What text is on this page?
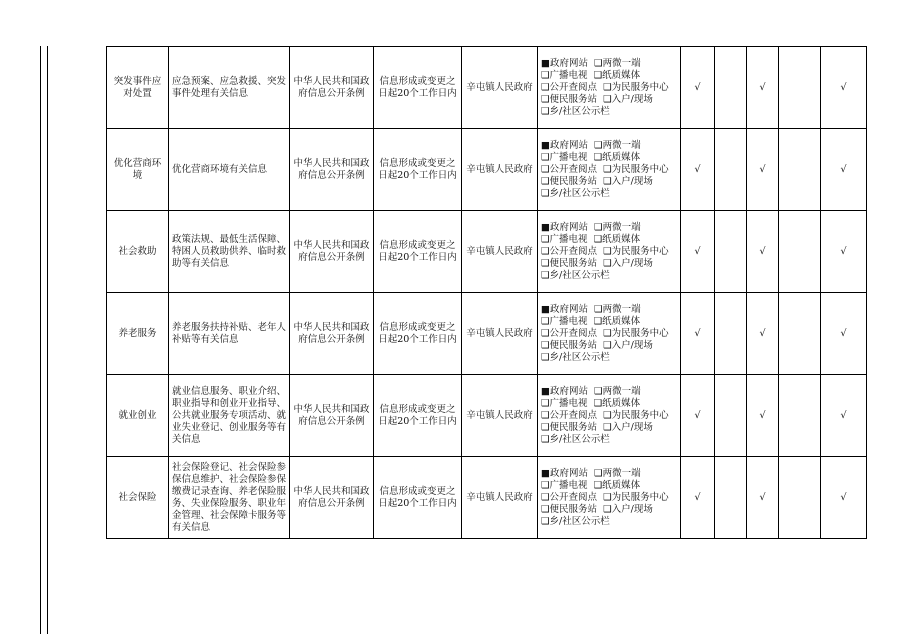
突发事件应对处置	应急预案、应急救援、突发事件处理有关信息	中华人民共和国政府信息公开条例	信息形成或变更之日起20个工作日内	辛屯镇人民政府	■政府网站 ❑两微一端
❑广播电视 ❑纸质媒体
❑公开查阅点 ❑为民服务中心
❑便民服务站 ❑入户/现场
❑乡/社区公示栏	√		√		√
优化营商环境	优化营商环境有关信息	中华人民共和国政府信息公开条例	信息形成或变更之日起20个工作日内	辛屯镇人民政府	■政府网站 ❑两微一端
❑广播电视 ❑纸质媒体
❑公开查阅点 ❑为民服务中心
❑便民服务站 ❑入户/现场
❑乡/社区公示栏	√		√		√
社会救助	政策法规、最低生活保障、特困人员救助供养、临时救助等有关信息	中华人民共和国政府信息公开条例	信息形成或变更之日起20个工作日内	辛屯镇人民政府	■政府网站 ❑两微一端
❑广播电视 ❑纸质媒体
❑公开查阅点 ❑为民服务中心
❑便民服务站 ❑入户/现场
❑乡/社区公示栏	√		√		√
养老服务	养老服务扶持补贴、老年人补贴等有关信息	中华人民共和国政府信息公开条例	信息形成或变更之日起20个工作日内	辛屯镇人民政府	■政府网站 ❑两微一端
❑广播电视 ❑纸质媒体
❑公开查阅点 ❑为民服务中心
❑便民服务站 ❑入户/现场
❑乡/社区公示栏	√		√		√
就业创业	就业信息服务、职业介绍、职业指导和创业开业指导、公共就业服务专项活动、就业失业登记、创业服务等有关信息	中华人民共和国政府信息公开条例	信息形成或变更之日起20个工作日内	辛屯镇人民政府	■政府网站 ❑两微一端
❑广播电视 ❑纸质媒体
❑公开查阅点 ❑为民服务中心
❑便民服务站 ❑入户/现场
❑乡/社区公示栏	√		√		√
社会保险	社会保险登记、社会保险参保信息维护、社会保险参保缴费记录查询、养老保险服务、失业保险服务、职业年金管理、社会保障卡服务等有关信息	中华人民共和国政府信息公开条例	信息形成或变更之日起20个工作日内	辛屯镇人民政府	■政府网站 ❑两微一端
❑广播电视 ❑纸质媒体
❑公开查阅点 ❑为民服务中心
❑便民服务站 ❑入户/现场
❑乡/社区公示栏	√		√		√
